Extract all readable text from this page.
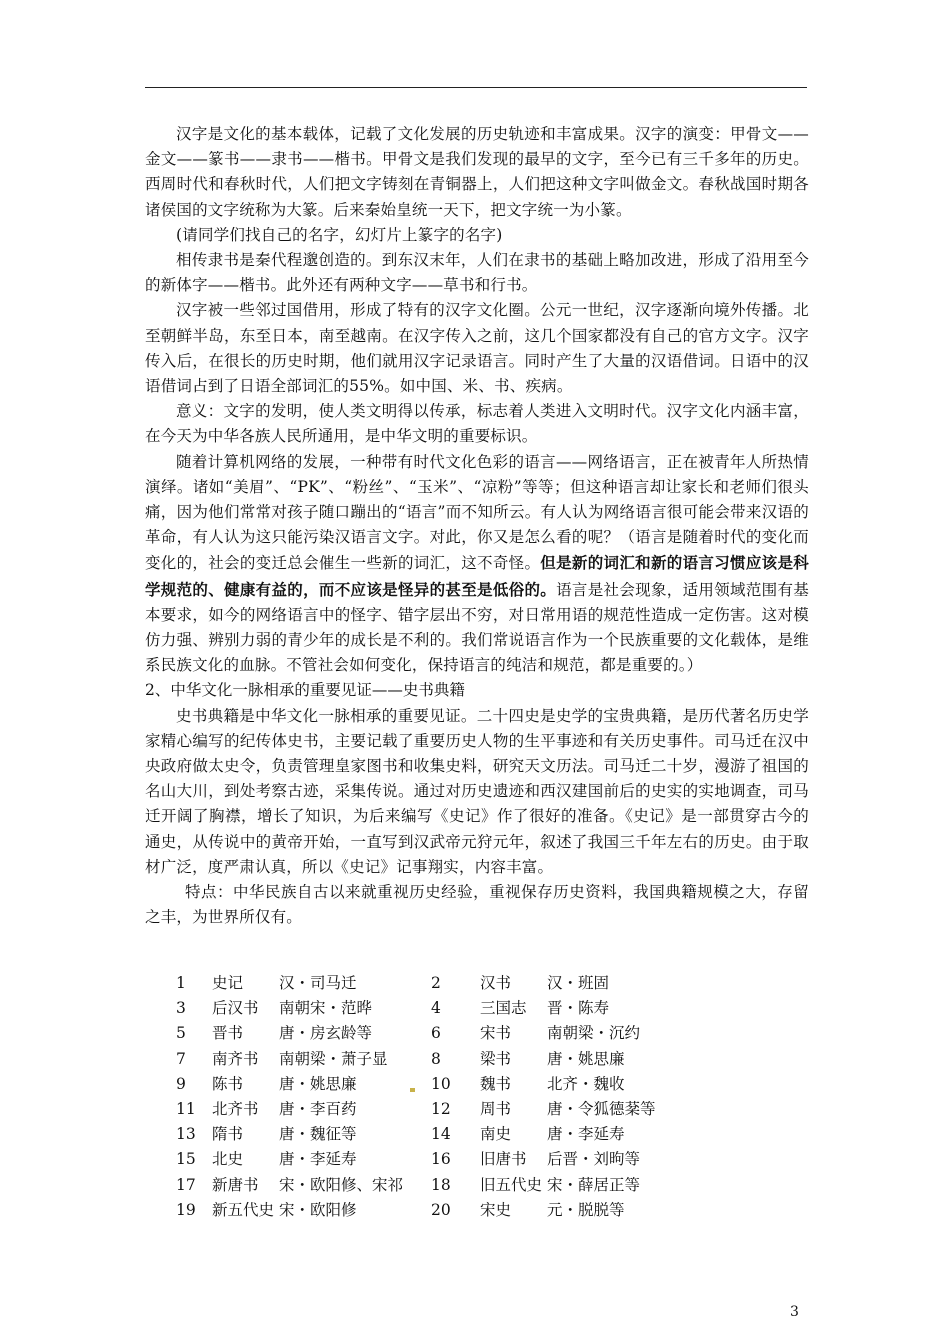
汉字是文化的基本载体，记载了文化发展的历史轨迹和丰富成果。汉字的演变：甲骨文——金文——篆书——隶书——楷书。甲骨文是我们发现的最早的文字，至今已有三千多年的历史。西周时代和春秋时代，人们把文字铸刻在青铜器上，人们把这种文字叫做金文。春秋战国时期各诸侯国的文字统称为大篆。后来秦始皇统一天下，把文字统一为小篆。

(请同学们找自己的名字，幻灯片上篆字的名字)

相传隶书是秦代程邈创造的。到东汉末年，人们在隶书的基础上略加改进，形成了沿用至今的新体字——楷书。此外还有两种文字——草书和行书。

汉字被一些邻过国借用，形成了特有的汉字文化圈。公元一世纪，汉字逐渐向境外传播。北至朝鲜半岛，东至日本，南至越南。在汉字传入之前，这几个国家都没有自己的官方文字。汉字传入后，在很长的历史时期，他们就用汉字记录语言。同时产生了大量的汉语借词。日语中的汉语借词占到了日语全部词汇的55%。如中国、米、书、疾病。

意义：文字的发明，使人类文明得以传承，标志着人类进入文明时代。汉字文化内涵丰富，在今天为中华各族人民所通用，是中华文明的重要标识。

随着计算机网络的发展，一种带有时代文化色彩的语言——网络语言，正在被青年人所热情演绎。诸如“美眉”、“PK”、“粉丝”、“玉米”、“凉粉”等等；但这种语言却让家长和老师们很头痛，因为他们常常对孩子随口蹦出的“语言”而不知所云。有人认为网络语言很可能会带来汉语的革命，有人认为这只能污染汉语言文字。对此，你又是怎么看的呢？（语言是随着时代的变化而变化的，社会的变迁总会催生一些新的词汇，这不奇怪。但是新的词汇和新的语言习惯应该是科学规范的、健康有益的，而不应该是怪异的甚至是低俗的。语言是社会现象，适用领域范围有基本要求，如今的网络语言中的怪字、错字层出不穷，对日常用语的规范性造成一定伤害。这对模仿力强、辨别力弱的青少年的成长是不利的。我们常说语言作为一个民族重要的文化载体，是维系民族文化的血脉。不管社会如何变化，保持语言的纯洁和规范，都是重要的。）

2、中华文化一脉相承的重要见证——史书典籍

史书典籍是中华文化一脉相承的重要见证。二十四史是史学的宝贵典籍，是历代著名历史学家精心编写的纪传体史书，主要记载了重要历史人物的生平事迹和有关历史事件。司马迁在汉中央政府做太史令，负责管理皇家图书和收集史料，研究天文历法。司马迁二十岁，漫游了祖国的名山大川，到处考察古迹，采集传说。通过对历史遗迹和西汉建国前后的史实的实地调查，司马迁开阔了胸襟，增长了知识，为后来编写《史记》作了很好的准备。《史记》是一部贯穿古今的通史，从传说中的黄帝开始，一直写到汉武帝元狩元年，叙述了我国三千年左右的历史。由于取材广泛，度严肃认真，所以《史记》记事翔实，内容丰富。

特点：中华民族自古以来就重视历史经验，重视保存历史资料，我国典籍规模之大，存留之丰，为世界所仅有。

1 史记 汉・司马迁	2	汉书 汉・班固
3 后汉书 南朝宋・范晔	4	三国志 晋・陈寿
5 晋书 唐・房玄龄等	6	宋书 南朝梁・沉约
7 南齐书 南朝梁・萧子显	8	梁书 唐・姚思廉
9 陈书 唐・姚思廉	10 魏书 北齐・魏收
11 北齐书 唐・李百药	12 周书 唐・令狐德棻等
13 隋书 唐・魏征等	14 南史 唐・李延寿
15 北史 唐・李延寿	16 旧唐书 后晋・刘昫等
17 新唐书 宋・欧阳修、宋祁 18 旧五代史 宋・薛居正等
19 新五代史 宋・欧阳修	20 宋史 元・脱脱等
3
